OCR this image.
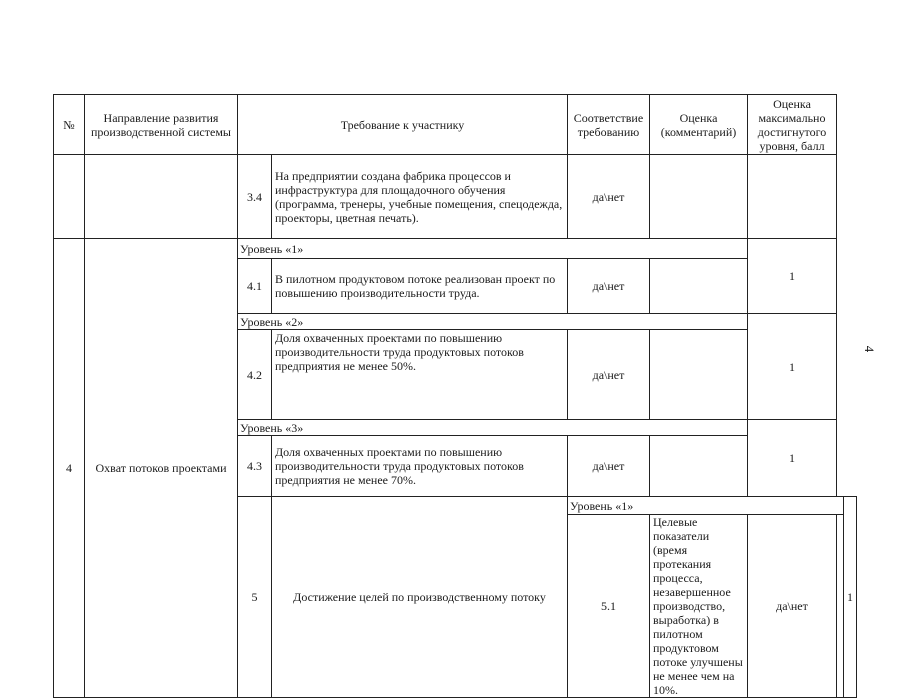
№	Направление развития производственной системы	Требование к участнику		Соответствие требованию	Оценка (комментарий)	Оценка максимально достигнутого уровня, балл		
		3.4	На предприятии создана фабрика процессов и инфраструктура для площадочного обучения (программа, тренеры, учебные помещения, спецодежда, проекторы, цветная печать).	да\нет				
4	Охват потоков проектами	Уровень «1»				1		
		4.1	В пилотном продуктовом потоке реализован проект по повышению производительности труда.	да\нет				
		Уровень «2»				1		
		4.2	Доля охваченных проектами по повышению производительности труда продуктовых потоков предприятия не менее 50%.	да\нет				
		Уровень «3»				1		
		4.3	Доля охваченных проектами по повышению производительности труда продуктовых потоков предприятия не менее 70%.	да\нет				
		5	Достижение целей по производственному потоку	Уровень «1»				1
				5.1	Целевые показатели (время протекания процесса, незавершенное производство, выработка) в пилотном продуктовом потоке улучшены не менее чем на 10%.	да\нет		
4
